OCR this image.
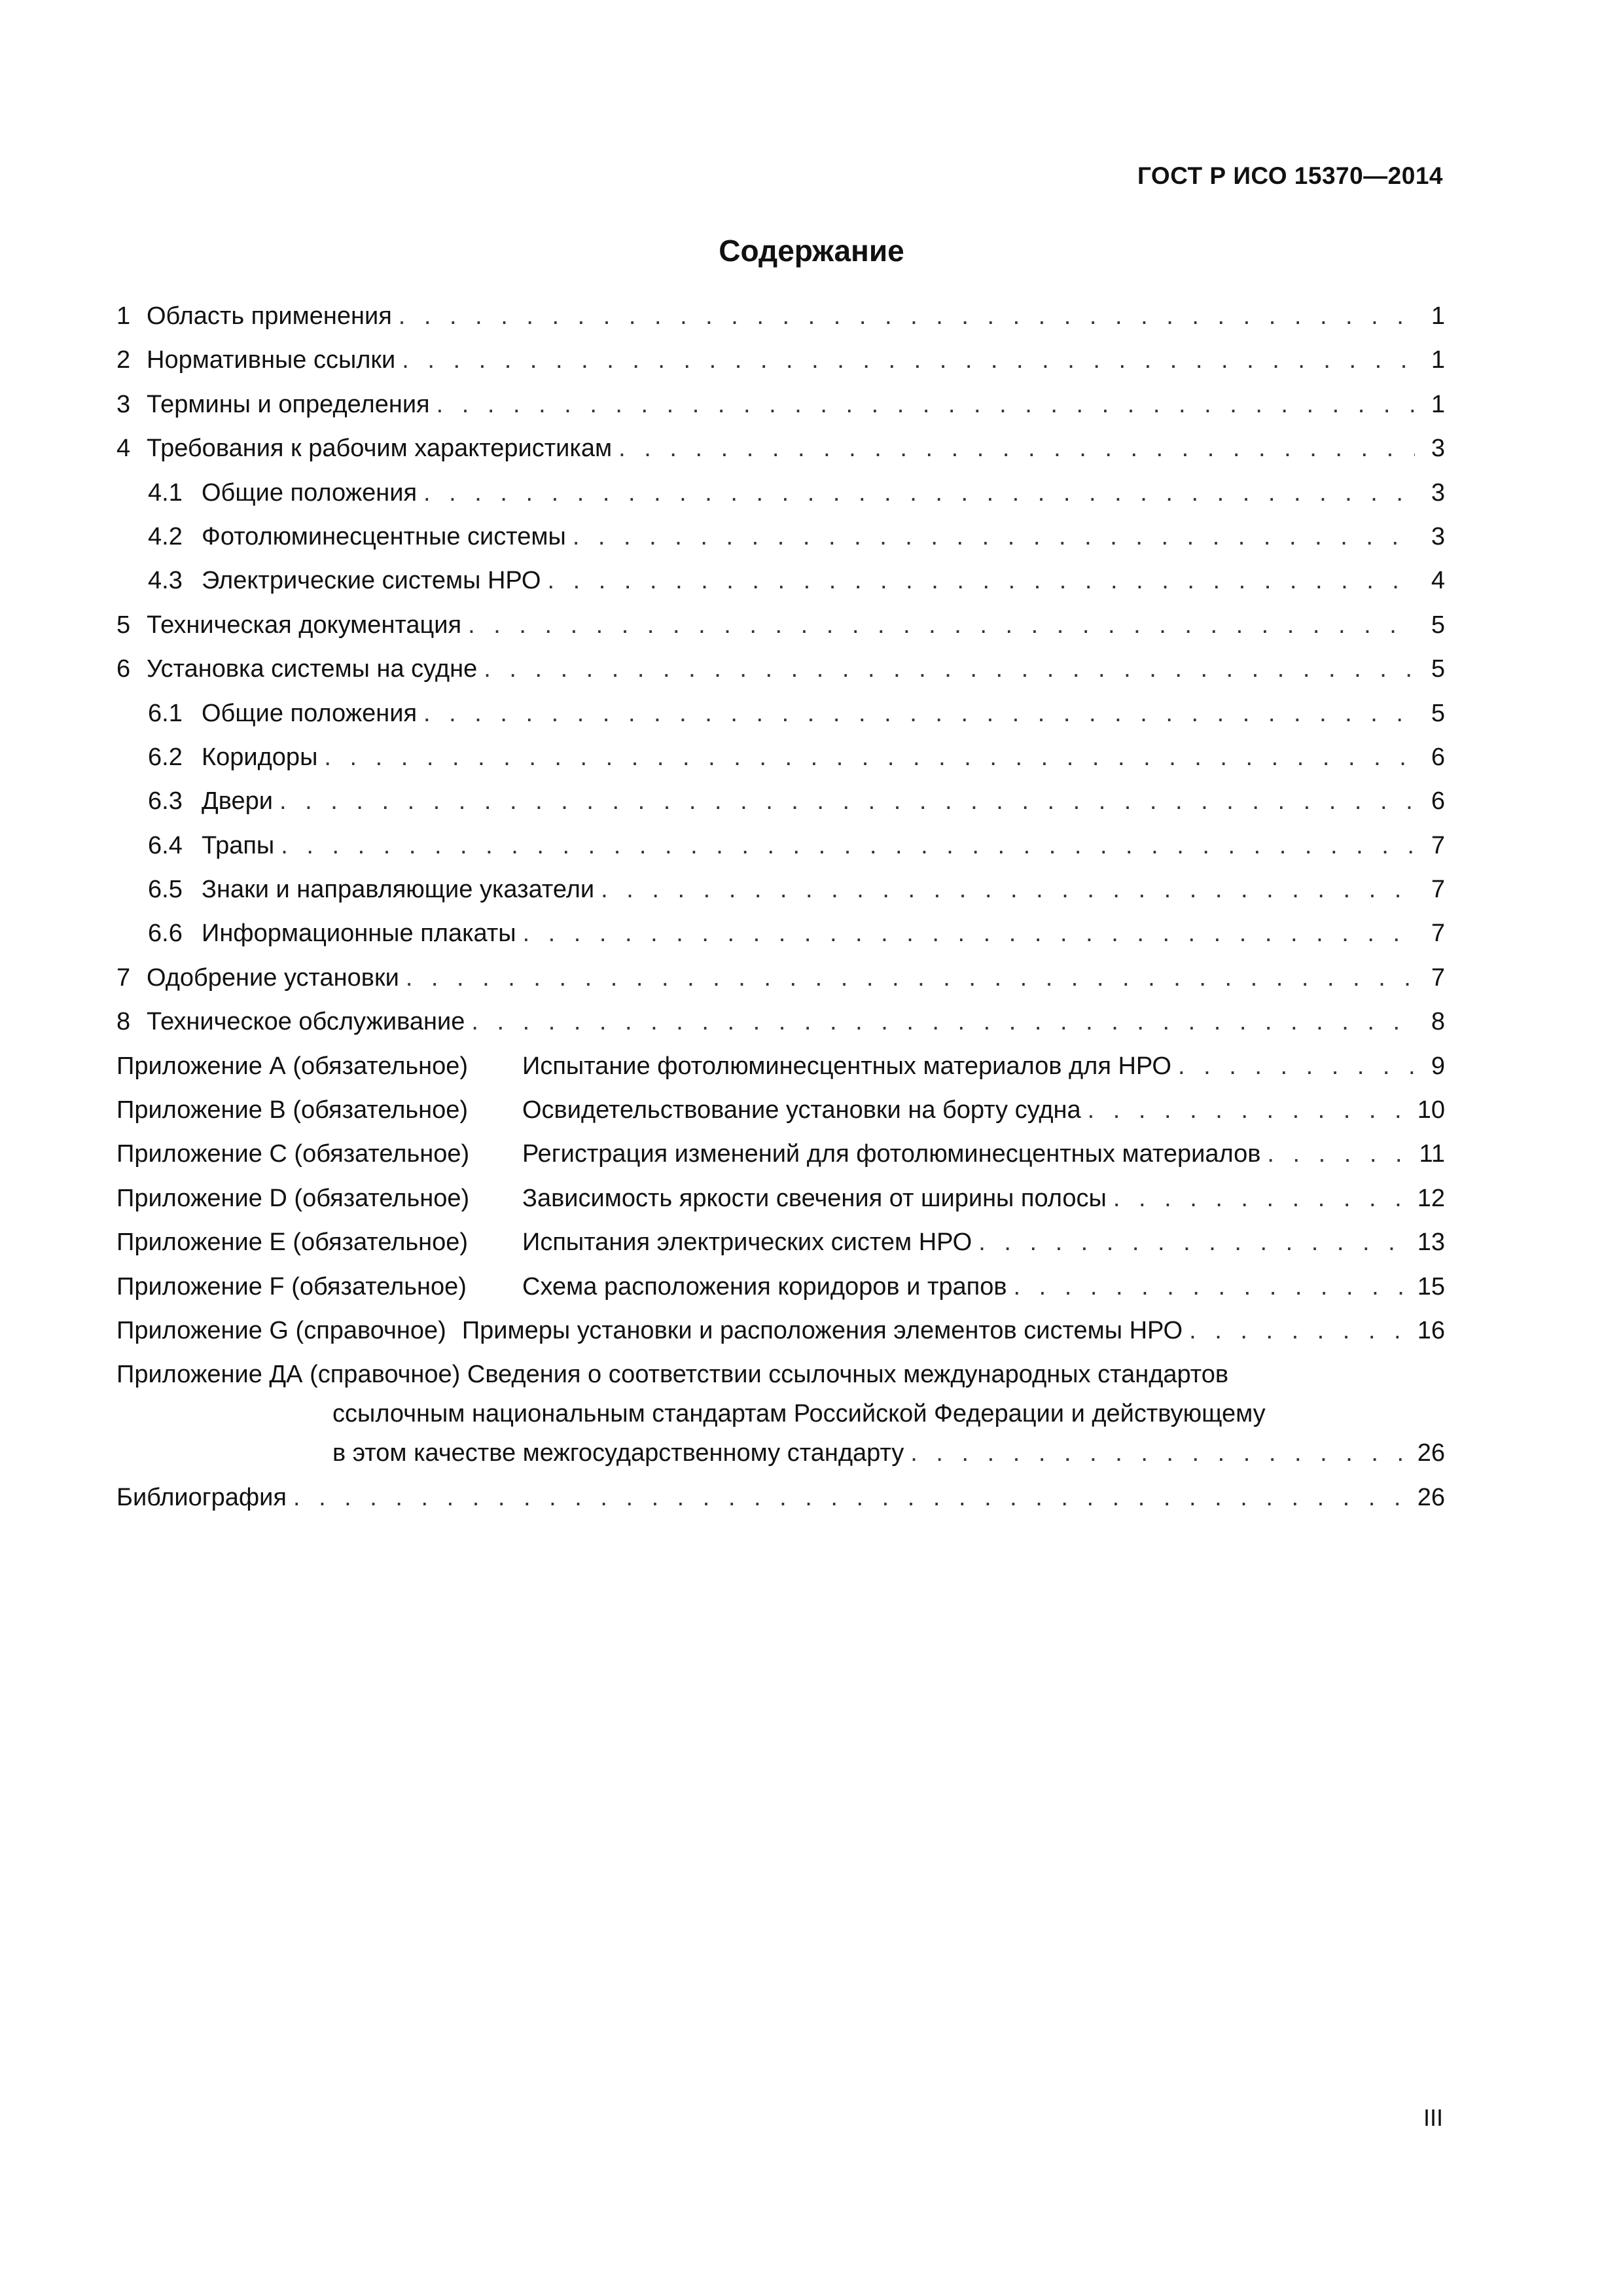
ГОСТ Р ИСО 15370—2014
Содержание
1 Область применения . . .	1
2 Нормативные ссылки . . .	1
3 Термины и определения . . .	1
4 Требования к рабочим характеристикам . . .	3
4.1 Общие положения . . .	3
4.2 Фотолюминесцентные системы . . .	3
4.3 Электрические системы НРО . . .	4
5 Техническая документация . . .	5
6 Установка системы на судне . . .	5
6.1 Общие положения . . .	5
6.2 Коридоры . . .	6
6.3 Двери . . .	6
6.4 Трапы . . .	7
6.5 Знаки и направляющие указатели . . .	7
6.6 Информационные плакаты . . .	7
7 Одобрение установки . . .	7
8 Техническое обслуживание . . .	8
Приложение А (обязательное)	Испытание фотолюминесцентных материалов для НРО . . .	9
Приложение В (обязательное)	Освидетельствование установки на борту судна . . .	10
Приложение С (обязательное)	Регистрация изменений для фотолюминесцентных материалов . . .	11
Приложение D (обязательное)	Зависимость яркости свечения от ширины полосы . . .	12
Приложение Е (обязательное)	Испытания электрических систем НРО . . .	13
Приложение F (обязательное)	Схема расположения коридоров и трапов . . .	15
Приложение G (справочное) Примеры установки и расположения элементов системы НРО . . .	16
Приложение ДА (справочное)
Сведения о соответствии ссылочных международных стандартов
ссылочным национальным стандартам Российской Федерации и действующему
в этом качестве межгосударственному стандарту . . .	26
Библиография . . .	26
III
